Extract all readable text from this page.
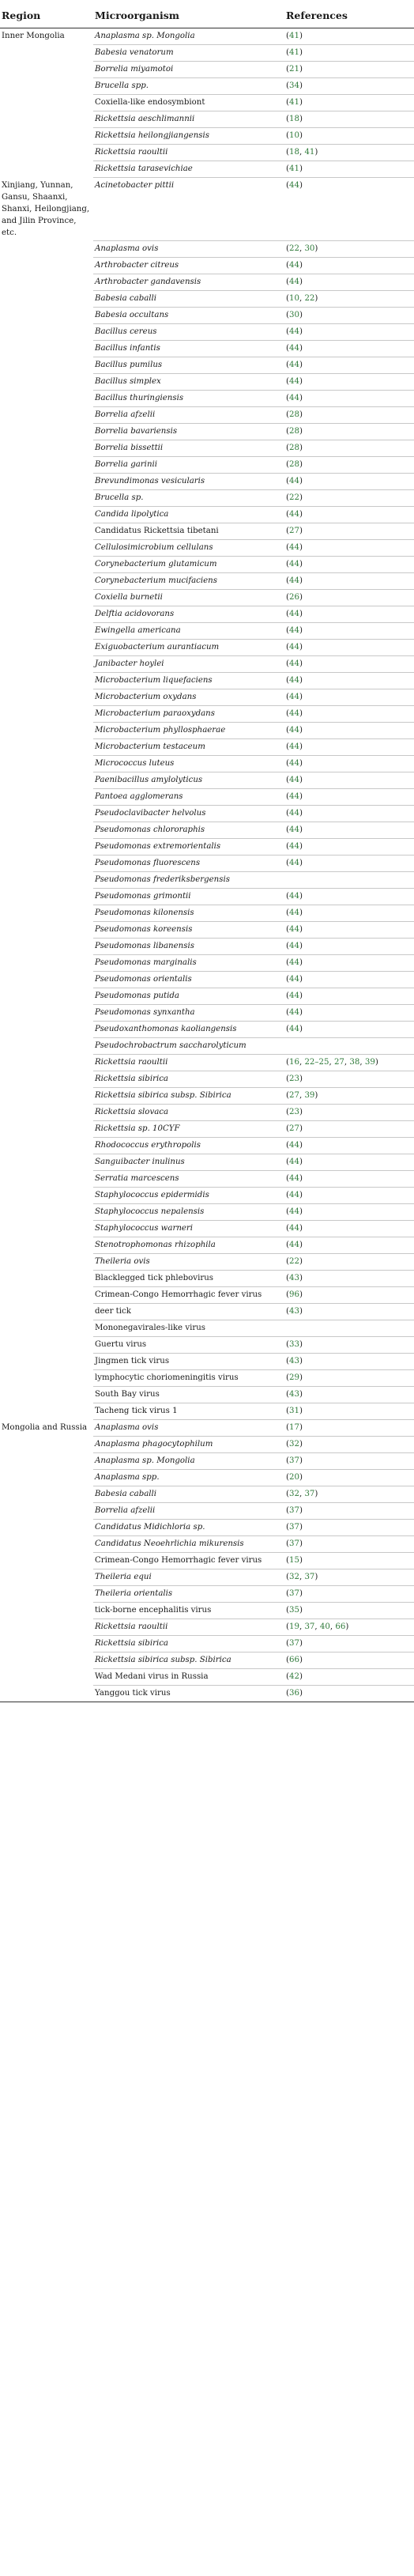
Region	Microorganism	References
Inner Mongolia	Anaplasma sp. Mongolia	(41)
	Babesia venatorum	(41)
	Borrelia miyamotoi	(21)
	Brucella spp.	(34)
	Coxiella-like endosymbiont	(41)
	Rickettsia aeschlimannii	(18)
	Rickettsia heilongjiangensis	(10)
	Rickettsia raoultii	(18, 41)
	Rickettsia tarasevichiae	(41)
Xinjiang, Yunnan, Gansu, Shaanxi, Shanxi, Heilongjiang, and Jilin Province, etc.	Acinetobacter pittii	(44)
	Anaplasma ovis	(22, 30)
	Arthrobacter citreus	(44)
	Arthrobacter gandavensis	(44)
	Babesia caballi	(10, 22)
	Babesia occultans	(30)
	Bacillus cereus	(44)
	Bacillus infantis	(44)
	Bacillus pumilus	(44)
	Bacillus simplex	(44)
	Bacillus thuringiensis	(44)
	Borrelia afzelii	(28)
	Borrelia bavariensis	(28)
	Borrelia bissettii	(28)
	Borrelia garinii	(28)
	Brevundimonas vesicularis	(44)
	Brucella sp.	(22)
	Candida lipolytica	(44)
	Candidatus Rickettsia tibetani	(27)
	Cellulosimicrobium cellulans	(44)
	Corynebacterium glutamicum	(44)
	Corynebacterium mucifaciens	(44)
	Coxiella burnetii	(26)
	Delftia acidovorans	(44)
	Ewingella americana	(44)
	Exiguobacterium aurantiacum	(44)
	Janibacter hoylei	(44)
	Microbacterium liquefaciens	(44)
	Microbacterium oxydans	(44)
	Microbacterium paraoxydans	(44)
	Microbacterium phyllosphaerae	(44)
	Microbacterium testaceum	(44)
	Micrococcus luteus	(44)
	Paenibacillus amylolyticus	(44)
	Pantoea agglomerans	(44)
	Pseudoclavibacter helvolus	(44)
	Pseudomonas chlororaphis	(44)
	Pseudomonas extremorientalis	(44)
	Pseudomonas fluorescens	(44)
	Pseudomonas frederiksbergensis	
	Pseudomonas grimontii	(44)
	Pseudomonas kilonensis	(44)
	Pseudomonas koreensis	(44)
	Pseudomonas libanensis	(44)
	Pseudomonas marginalis	(44)
	Pseudomonas orientalis	(44)
	Pseudomonas putida	(44)
	Pseudomonas synxantha	(44)
	Pseudoxanthomonas kaoliangensis	(44)
	Pseudochrobactrum saccharolyticum	
	Rickettsia raoultii	(16, 22–25, 27, 38, 39)
	Rickettsia sibirica	(23)
	Rickettsia sibirica subsp. Sibirica	(27, 39)
	Rickettsia slovaca	(23)
	Rickettsia sp. 10CYF	(27)
	Rhodococcus erythropolis	(44)
	Sanguibacter inulinus	(44)
	Serratia marcescens	(44)
	Staphylococcus epidermidis	(44)
	Staphylococcus nepalensis	(44)
	Staphylococcus warneri	(44)
	Stenotrophomonas rhizophila	(44)
	Theileria ovis	(22)
	Blacklegged tick phlebovirus	(43)
	Crimean-Congo Hemorrhagic fever virus	(96)
	deer tick	(43)
	Mononegavirales-like virus	
	Guertu virus	(33)
	Jingmen tick virus	(43)
	lymphocytic choriomeningitis virus	(29)
	South Bay virus	(43)
	Tacheng tick virus 1	(31)
Mongolia and Russia	Anaplasma ovis	(17)
	Anaplasma phagocytophilum	(32)
	Anaplasma sp. Mongolia	(37)
	Anaplasma spp.	(20)
	Babesia caballi	(32, 37)
	Borrelia afzelii	(37)
	Candidatus Midichloria sp.	(37)
	Candidatus Neoehrlichia mikurensis	(37)
	Crimean-Congo Hemorrhagic fever virus	(15)
	Theileria equi	(32, 37)
	Theileria orientalis	(37)
	tick-borne encephalitis virus	(35)
	Rickettsia raoultii	(19, 37, 40, 66)
	Rickettsia sibirica	(37)
	Rickettsia sibirica subsp. Sibirica	(66)
	Wad Medani virus in Russia	(42)
	Yanggou tick virus	(36)
